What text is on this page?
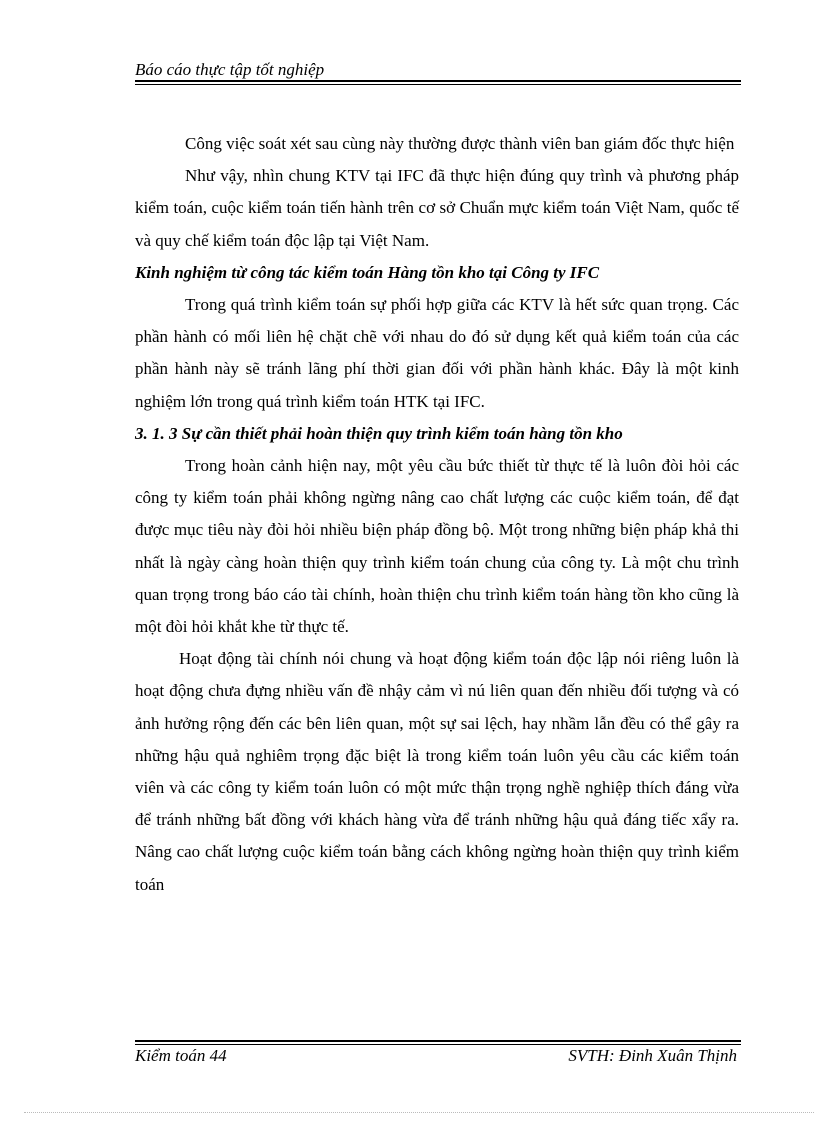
Báo cáo thực tập tốt nghiệp

Công việc soát xét sau cùng này thường được thành viên ban giám đốc thực hiện

Như vậy, nhìn chung KTV tại IFC đã thực hiện đúng quy trình và phương pháp kiểm toán, cuộc kiểm toán tiến hành trên cơ sở Chuẩn mực kiểm toán Việt Nam, quốc tế và quy chế kiểm toán độc lập tại Việt Nam.

Kinh nghiệm từ công tác kiểm toán Hàng tồn kho tại Công ty IFC

Trong quá trình kiểm toán sự phối hợp giữa các KTV là hết sức quan trọng. Các phần hành có mối liên hệ chặt chẽ với nhau do đó sử dụng kết quả kiểm toán của các phần hành này sẽ tránh lãng phí thời gian đối với phần hành khác. Đây là một kinh nghiệm lớn trong quá trình kiểm toán HTK tại IFC.

3. 1. 3 Sự cần thiết phải hoàn thiện quy trình kiểm toán hàng tồn kho

Trong hoàn cảnh hiện nay, một yêu cầu bức thiết từ thực tế là luôn đòi hỏi các công ty kiểm toán phải không ngừng nâng cao chất lượng các cuộc kiểm toán, để đạt được mục tiêu này đòi hỏi nhiều biện pháp đồng bộ. Một trong những biện pháp khả thi nhất là ngày càng hoàn thiện quy trình kiểm toán chung của công ty. Là một chu trình quan trọng trong báo cáo tài chính, hoàn thiện chu trình kiểm toán hàng tồn kho cũng là một đòi hỏi khắt khe từ thực tế.

Hoạt động tài chính nói chung và hoạt động kiểm toán độc lập nói riêng luôn là hoạt động chưa đựng nhiều vấn đề nhậy cảm vì nú liên quan đến nhiều đối tượng và có ảnh hưởng rộng đến các bên liên quan, một sự sai lệch, hay nhầm lẫn đều có thể gây ra những hậu quả nghiêm trọng đặc biệt là trong kiểm toán luôn yêu cầu các kiểm toán viên và các công ty kiểm toán luôn có một mức thận trọng nghề nghiệp thích đáng vừa để tránh những bất đồng với khách hàng vừa để tránh những hậu quả đáng tiếc xẩy ra. Nâng cao chất lượng cuộc kiểm toán bằng cách không ngừng hoàn thiện quy trình kiểm toán

Kiểm toán 44	SVTH: Đinh Xuân Thịnh
